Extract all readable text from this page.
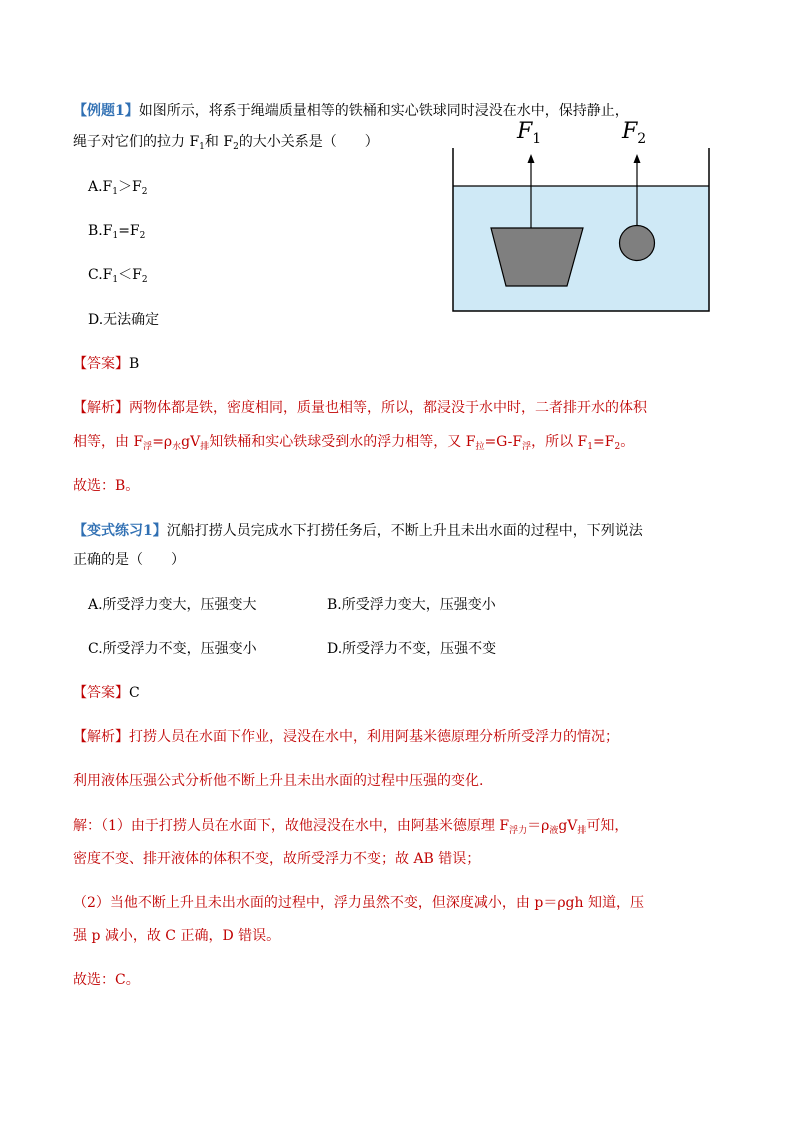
【例题1】如图所示，将系于绳端质量相等的铁桶和实心铁球同时浸没在水中，保持静止，
绳子对它们的拉力 $F_1$和 $F_2$的大小关系是（　　）
$A.F_1>F_2$
$B.F_1=F_2$
$C.F_1<F_2$
D.无法确定
$F_1$	$F_2$
【答案】B
【解析】两物体都是铁，密度相同，质量也相等，所以，都浸没于水中时，二者排开水的体积
相等，由 $F_浮=\rho_水gV_排$知铁桶和实心铁球受到水的浮力相等，又 $F_拉=G-F_浮$，所以 $F_1=F_2$。
故选：B。
【变式练习1】沉船打捞人员完成水下打捞任务后，不断上升且未出水面的过程中，下列说法
正确的是（　　）
A.所受浮力变大，压强变大	B.所受浮力变大，压强变小
C.所受浮力不变，压强变小	D.所受浮力不变，压强不变
【答案】C
【解析】打捞人员在水面下作业，浸没在水中，利用阿基米德原理分析所受浮力的情况；
利用液体压强公式分析他不断上升且未出水面的过程中压强的变化.
解：（1）由于打捞人员在水面下，故他浸没在水中，由阿基米德原理 $F_{浮力}=\rho_液gV_排$可知，
密度不变、排开液体的体积不变，故所受浮力不变；故 AB 错误；
（2）当他不断上升且未出水面的过程中，浮力虽然不变，但深度减小，由 p＝ρgh 知道，压
强 p 减小，故 C 正确，D 错误。
故选：C。
